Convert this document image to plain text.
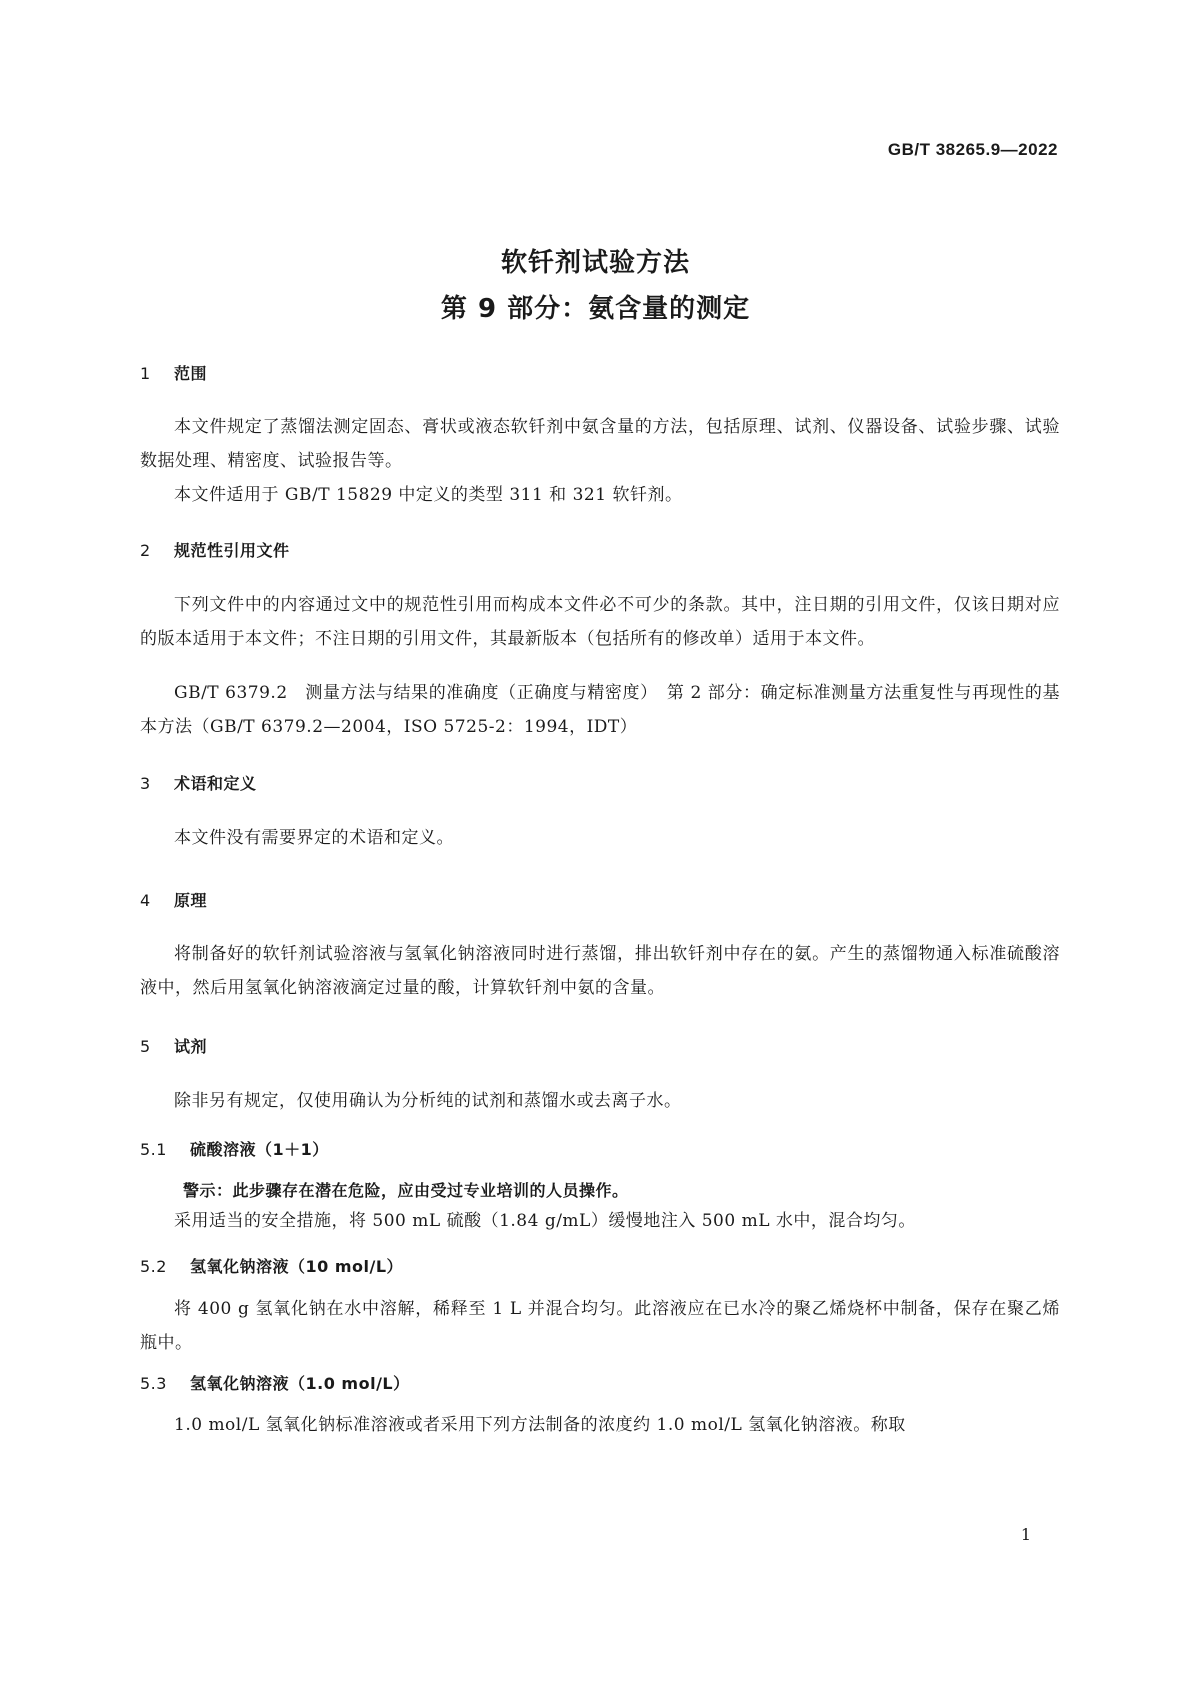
GB/T 38265.9—2022
软钎剂试验方法
第 9 部分：氨含量的测定
1 范围
本文件规定了蒸馏法测定固态、膏状或液态软钎剂中氨含量的方法，包括原理、试剂、仪器设备、试验步骤、试验数据处理、精密度、试验报告等。
本文件适用于 GB/T 15829 中定义的类型 311 和 321 软钎剂。
2 规范性引用文件
下列文件中的内容通过文中的规范性引用而构成本文件必不可少的条款。其中，注日期的引用文件，仅该日期对应的版本适用于本文件；不注日期的引用文件，其最新版本（包括所有的修改单）适用于本文件。
GB/T 6379.2　测量方法与结果的准确度（正确度与精密度）　第 2 部分：确定标准测量方法重复性与再现性的基本方法（GB/T 6379.2—2004，ISO 5725-2：1994，IDT）
3 术语和定义
本文件没有需要界定的术语和定义。
4 原理
将制备好的软钎剂试验溶液与氢氧化钠溶液同时进行蒸馏，排出软钎剂中存在的氨。产生的蒸馏物通入标准硫酸溶液中，然后用氢氧化钠溶液滴定过量的酸，计算软钎剂中氨的含量。
5 试剂
除非另有规定，仅使用确认为分析纯的试剂和蒸馏水或去离子水。
5.1 硫酸溶液（1＋1）
警示：此步骤存在潜在危险，应由受过专业培训的人员操作。
采用适当的安全措施，将 500 mL 硫酸（1.84 g/mL）缓慢地注入 500 mL 水中，混合均匀。
5.2 氢氧化钠溶液（10 mol/L）
将 400 g 氢氧化钠在水中溶解，稀释至 1 L 并混合均匀。此溶液应在已水冷的聚乙烯烧杯中制备，保存在聚乙烯瓶中。
5.3 氢氧化钠溶液（1.0 mol/L）
1.0 mol/L 氢氧化钠标准溶液或者采用下列方法制备的浓度约 1.0 mol/L 氢氧化钠溶液。称取
1
